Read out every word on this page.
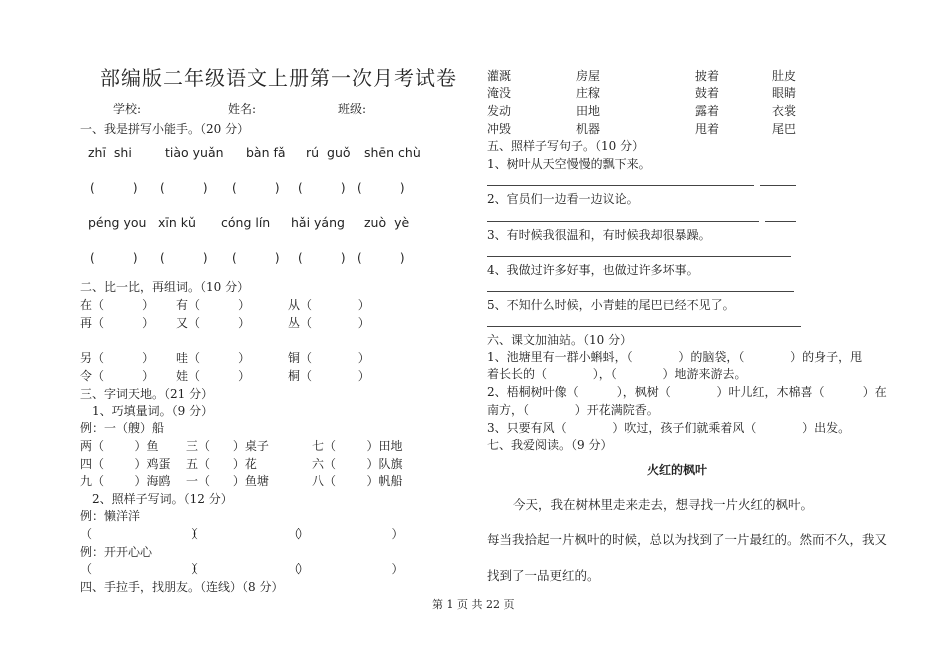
部编版二年级语文上册第一次月考试卷
学校:	姓名:	班级:
一、我是拼写小能手。（20 分）
zhī  shi	tiào yuǎn bàn fǎ rú  guǒ shēn chù
(          ) (          ) (          ) (          ) (          )
péng you xīn kǔ cóng lín hǎi yáng zuò  yè
(          ) (          ) (          ) (          ) (          )
二、比一比，再组词。（10 分）
在（          ） 有（          ）	从（            ）
再（          ） 又（          ）	丛（            ）
另（          ） 哇（          ）	铜（            ）
令（          ） 娃（          ）	桐（            ）
三、字词天地。（21 分）
1、巧填量词。（9 分）
例：一（艘）船
两（        ）鱼 三（      ）桌子	七（        ）田地
四（        ）鸡蛋 五（      ）花	六（        ）队旗
九（        ）海鸥 一（      ）鱼塘	八（        ）帆船
2、照样子写词。（12 分）
例：懒洋洋
（                          ）
（                          ）
（                        ）
例：开开心心
（                          ）
（                          ）
（                        ）
四、手拉手，找朋友。（连线）（8 分）
灌溉	房屋	披着	肚皮
淹没	庄稼	鼓着	眼睛
发动	田地	露着	衣裳
冲毁	机器	甩着	尾巴
五、照样子写句子。（10 分）
1、树叶从天空慢慢的飘下来。
2、官员们一边看一边议论。
3、有时候我很温和，有时候我却很暴躁。
4、我做过许多好事，也做过许多坏事。
5、不知什么时候，小青蛙的尾巴已经不见了。
六、课文加油站。（10 分）
1、池塘里有一群小蝌蚪，（            ）的脑袋，（            ）的身子，甩
着长长的（            ），（            ）地游来游去。
2、梧桐树叶像（          ），枫树（            ）叶儿红，木棉喜（          ）在
南方，（            ）开花满院香。
3、只要有风（            ）吹过，孩子们就乘着风（            ）出发。
七、我爱阅读。（9 分）
火红的枫叶
今天，我在树林里走来走去，想寻找一片火红的枫叶。
每当我拾起一片枫叶的时候，总以为找到了一片最红的。然而不久，我又
找到了一品更红的。
第 1 页 共 22 页
